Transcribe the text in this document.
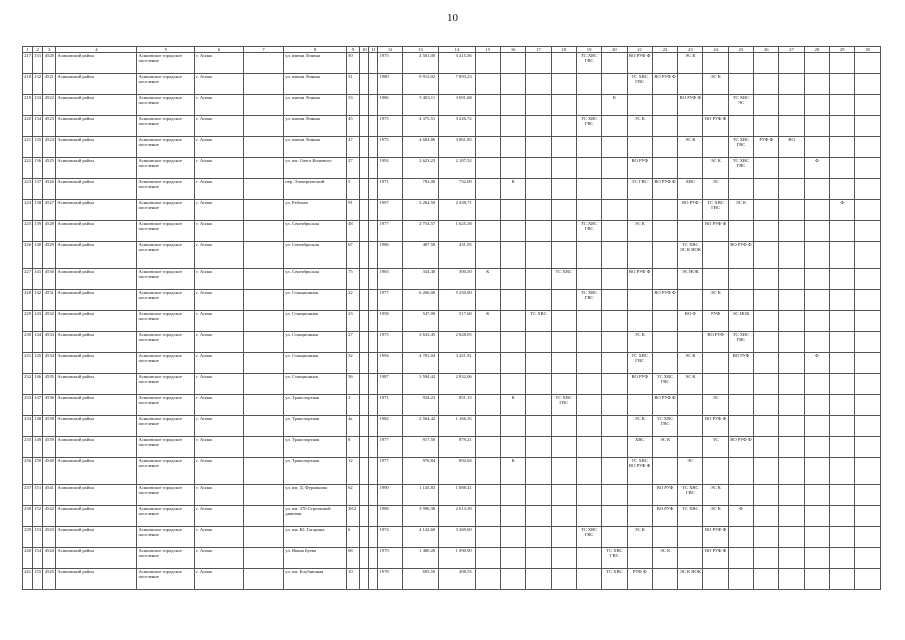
10
1	2	3	4	5	6	7	8	9	10	11	12	13	14	15	16	17	18	19	20	21	22	23	24	25	26	27	28	29	30
217	131	4520	Асиновский район	Асиновское городское поселение	г. Асино		ул. имени Ленина	50			1975	4 501,00	3 415,56					ТС ХВС ГВС		ВО РУФ Ф		ЭС К							
218	132	4521	Асиновский район	Асиновское городское поселение	г. Асино		ул. имени Ленина	51			1980	9 912,02	7 893,23							ТС ХВС ГВС	ВО РУФ Ф		ЭС К						
219	133	4522	Асиновский район	Асиновское городское поселение	г. Асино		ул. имени Ленина	53			1986	5 403,11	3 691,68						К			ВО РУФ Ф		ТС ХВС ЭС					
220	134	4523	Асиновский район	Асиновское городское поселение	г. Асино		ул. имени Ленина	45			1975	4 375,51	3 226,72					ТС ХВС ГВС		ЭС К			ВО РУФ Ф						
221	135	4524	Асиновский район	Асиновское городское поселение	г. Асино		ул. имени Ленина	47			1975	4 604,86	3 861,85									ЭС К		ТС ХВС ГВС	РУФ Ф	ВО			
222	136	4525	Асиновский район	Асиновское городское поселение	г. Асино		ул. им. Олега Кошевого	27			1992	2 623,23	2 187,52							ВО РУФ			ЭС К	ТС ХВС ГВС			Ф		
223	137	4526	Асиновский район	Асиновское городское поселение	г. Асино		пер. Электрический	5			1971	792,06	732,00		К					ТС ГВС	ВО РУФ Ф	ХВС	ЭС						
224	138	4527	Асиновский район	Асиновское городское поселение	г. Асино		ул. Рабочая	91			1997	3 264,50	2 438,71									ВО РУФ	ТС ХВС ГВС	ЭС К				Ф	
225	139	4528	Асиновский район	Асиновское городское поселение	г. Асино		ул. Сентябрьская	48			1977	2 754,57	1 625,38					ТС ХВС ГВС		ЭС К			ВО РУФ Ф						
226	140	4529	Асиновский район	Асиновское городское поселение	г. Асино		ул. Сентябрьская	67			1986	487,58	431,95									ТС ХВС ЭС К НОК		ВО РУФ Ф					
227	141	4530	Асиновский район	Асиновское городское поселение	г. Асино		ул. Сентябрьская	75			1965	334,40	300,50	К			ТС ХВС			ВО РУФ Ф		ЭС НОК							
228	142	4531	Асиновский район	Асиновское городское поселение	г. Асино		ул. Станционная	22			1977	6 266,00	5 250,00					ТС ХВС ГВС			ВО РУФ Ф		ЭС К						
229	143	4532	Асиновский район	Асиновское городское поселение	г. Асино		ул. Станционная	23			1958	547,00	517,60	К		ТС ХВС						ВО Ф	РУФ	ЭС НОК					
230	144	4533	Асиновский район	Асиновское городское поселение	г. Асино		ул. Станционная	27			1975	3 633,45	2 628,05							ЭС К			ВО РУФ	ТС ХВС ГВС					
231	145	4534	Асиновский район	Асиновское городское поселение	г. Асино		ул. Станционная	52			1994	4 781,04	3 421,91							ТС ХВС ГВС		ЭС К		ВО РУФ			Ф		
232	146	4535	Асиновский район	Асиновское городское поселение	г. Асино		ул. Станционная	56			1987	3 594,42	2 832,06							ВО РУФ	ТС ХВС ГВС	ЭС К							
233	147	4536	Асиновский район	Асиновское городское поселение	г. Асино		ул. Транспортная	2			1971	934,23	851,15		К		ТС ХВС ГВС				ВО РУФ Ф		ЭС						
234	148	4538	Асиновский район	Асиновское городское поселение	г. Асино		ул. Транспортная	4а			1982	2 564,42	1 166,35							ЭС К	ТС ХВС ГВС		ВО РУФ Ф						
235	149	4539	Асиновский район	Асиновское городское поселение	г. Асино		ул. Транспортная	8			1977	917,50	879,21							ХВС	ЭС К		ТС	ВО РУФ Ф					
236	150	4540	Асиновский район	Асиновское городское поселение	г. Асино		ул. Транспортная	12			1977	976,84	892,04		К					ТС ХВС ВО РУФ Ф		ЭС							
237	151	4541	Асиновский район	Асиновское городское поселение	г. Асино		ул. им. Д. Фурманова	62			1990	1 145,83	1 088,41								ВО РУФ	ТС ХВС ГВС	ЭС К						
238	152	4542	Асиновский район	Асиновское городское поселение	г. Асино		ул. им. 370 Стрелковой дивизии	38/2			1988	3 996,38	2 013,39								ВО РУФ	ТС ХВС	ЭС К	Ф					
239	153	4543	Асиновский район	Асиновское городское поселение	г. Асино		ул. им. Ю. Гагарина	6			1974	4 142,60	3 269,60					ТС ХВС ГВС		ЭС К			ВО РУФ Ф						
240	154	4544	Асиновский район	Асиновское городское поселение	г. Асино		ул. Ивана Буева	68			1979	1 480,20	1 090,90						ТС ХВС ГВС		ЭС К		ВО РУФ Ф						
241	155	4545	Асиновский район	Асиновское городское поселение	г. Асино		ул. им. Клубничная	10			1978	695,50	498,55						ТС ХВС	РУФ Ф		ЭС К НОК							
